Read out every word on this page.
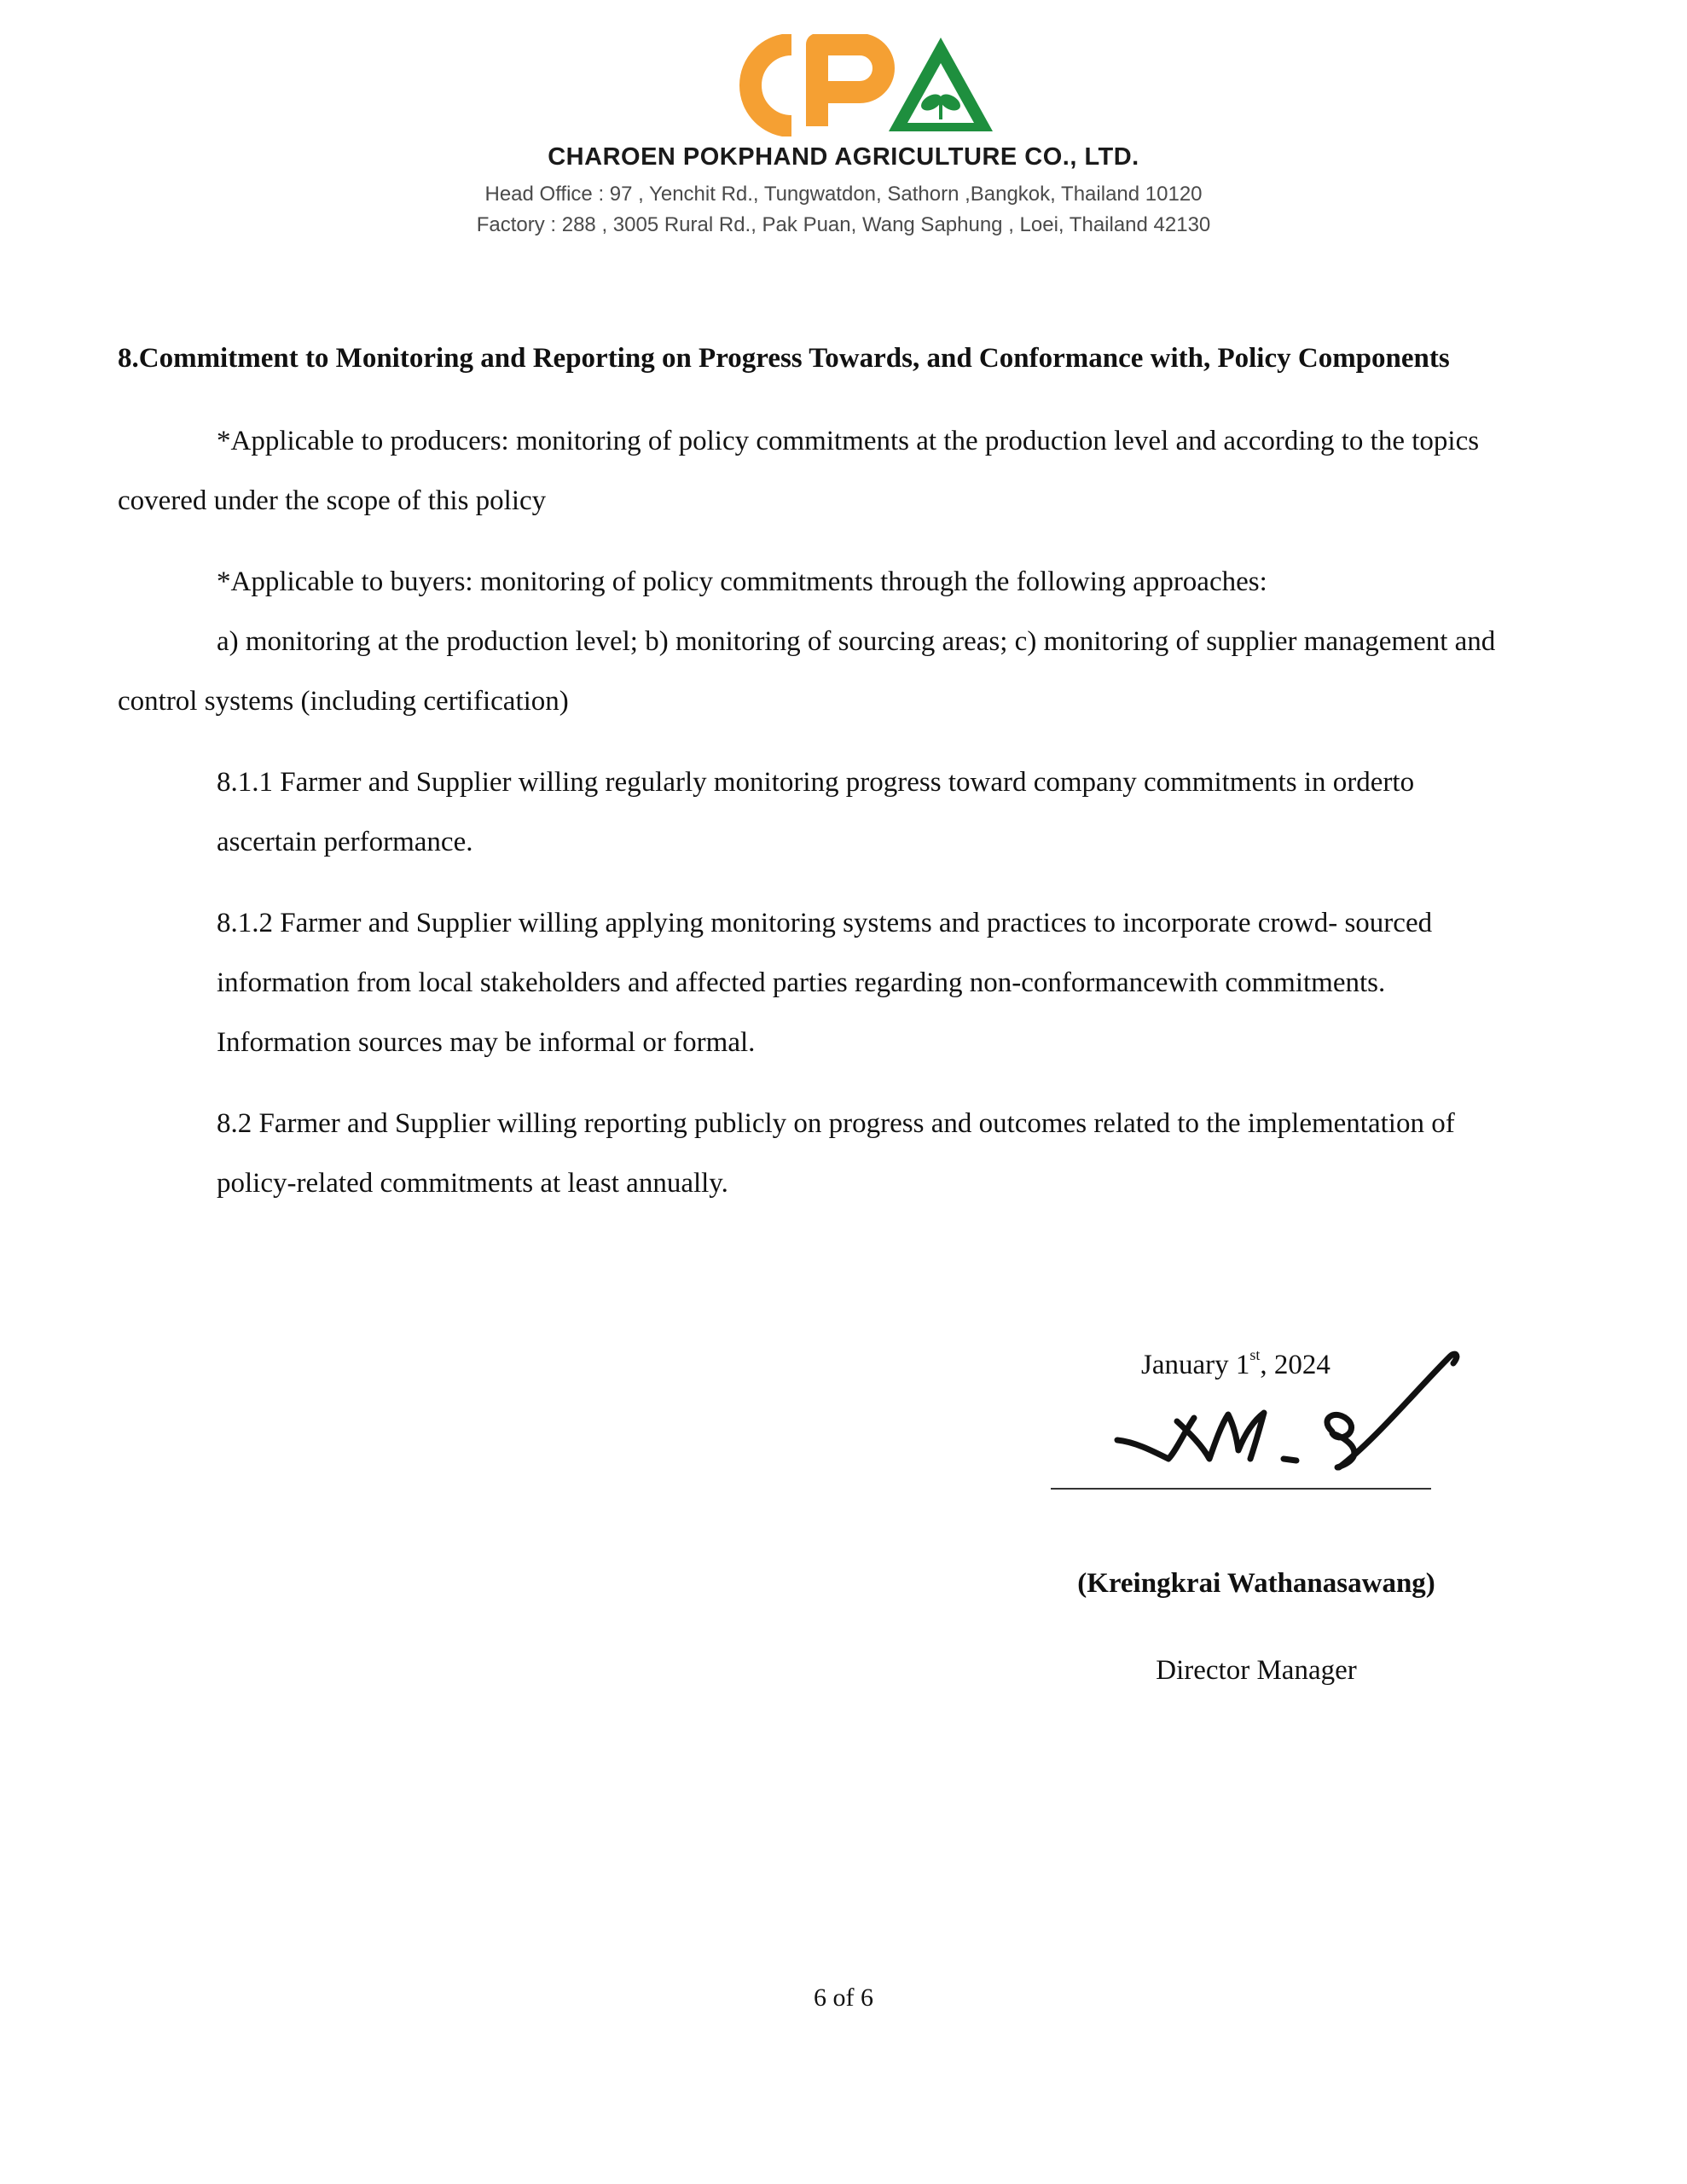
CHAROEN POKPHAND AGRICULTURE CO., LTD.
Head Office : 97 , Yenchit Rd., Tungwatdon, Sathorn ,Bangkok, Thailand 10120
Factory : 288 , 3005 Rural Rd., Pak Puan, Wang Saphung , Loei, Thailand 42130
8.Commitment to Monitoring and Reporting on Progress Towards, and Conformance with, Policy Components
*Applicable to producers: monitoring of policy commitments at the production level and according to the topics
covered under the scope of this policy
*Applicable to buyers: monitoring of policy commitments through the following approaches:
a) monitoring at the production level; b) monitoring of sourcing areas; c) monitoring of supplier management and
control systems (including certification)
8.1.1 Farmer and Supplier willing regularly monitoring progress toward company commitments in orderto
ascertain performance.
8.1.2 Farmer and Supplier willing applying monitoring systems and practices to incorporate crowd- sourced
information from local stakeholders and affected parties regarding non-conformancewith commitments.
Information sources may be informal or formal.
8.2 Farmer and Supplier willing reporting publicly on progress and outcomes related to the implementation of
policy-related commitments at least annually.
January 1st, 2024
(Kreingkrai Wathanasawang)
Director Manager
6 of 6
